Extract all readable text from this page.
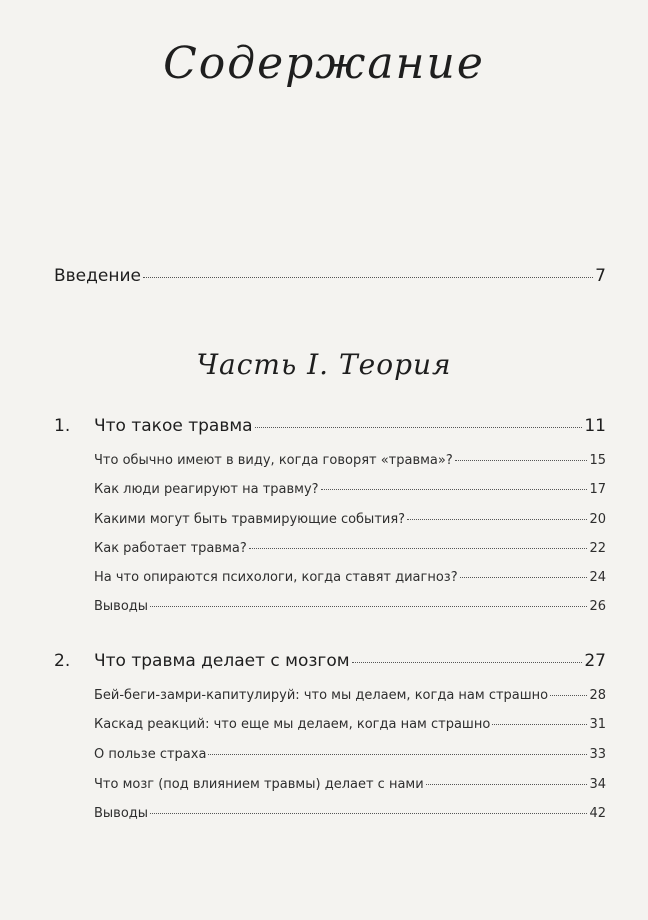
Содержание
Введение	7
Часть I. Теория
1.	Что такое травма	11
Что обычно имеют в виду, когда говорят «травма»?	15
Как люди реагируют на травму?	17
Какими могут быть травмирующие события?	20
Как работает травма?	22
На что опираются психологи, когда ставят диагноз?	24
Выводы	26
2.	Что травма делает с мозгом	27
Бей-беги-замри-капитулируй: что мы делаем, когда нам страшно	28
Каскад реакций: что еще мы делаем, когда нам страшно	31
О пользе страха	33
Что мозг (под влиянием травмы) делает с нами	34
Выводы	42
